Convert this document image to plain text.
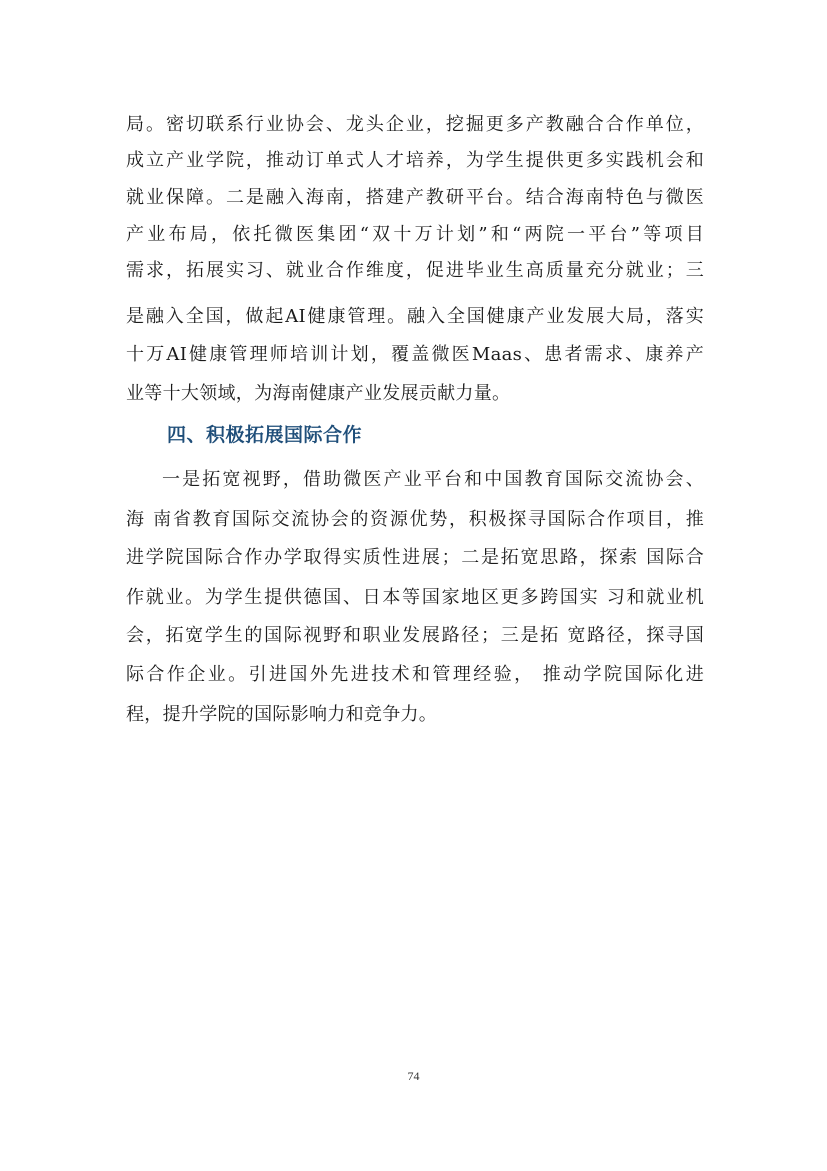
局。密切联系行业协会、龙头企业，挖掘更多产教融合合作单位，
成立产业学院，推动订单式人才培养，为学生提供更多实践机会和
就业保障。二是融入海南，搭建产教研平台。结合海南特色与微医
产业布局，依托微医集团“双十万计划”和“两院一平台”等项目
需求，拓展实习、就业合作维度，促进毕业生高质量充分就业；三
是融入全国，做起AI健康管理。融入全国健康产业发展大局，落实
十万AI健康管理师培训计划，覆盖微医Maas、患者需求、康养产
业等十大领域，为海南健康产业发展贡献力量。
四、积极拓展国际合作
一是拓宽视野，借助微医产业平台和中国教育国际交流协会、
海 南省教育国际交流协会的资源优势，积极探寻国际合作项目，推
进学院国际合作办学取得实质性进展；二是拓宽思路，探索 国际合
作就业。为学生提供德国、日本等国家地区更多跨国实 习和就业机
会，拓宽学生的国际视野和职业发展路径；三是拓 宽路径，探寻国
际合作企业。引进国外先进技术和管理经验， 推动学院国际化进
程，提升学院的国际影响力和竞争力。
74
